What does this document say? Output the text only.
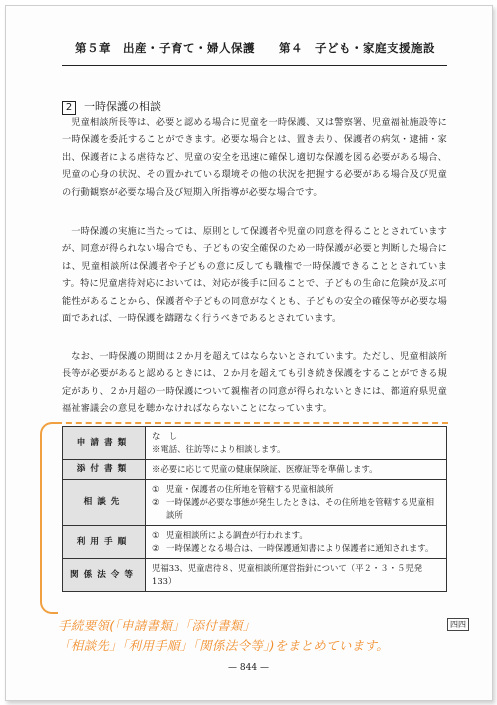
第５章　出産・子育て・婦人保護　　第４　子ども・家庭支援施設
2 一時保護の相談
児童相談所長等は、必要と認める場合に児童を一時保護、又は警察署、児童福祉施設等に一時保護を委託することができます。必要な場合とは、置き去り、保護者の病気・逮捕・家出、保護者による虐待など、児童の安全を迅速に確保し適切な保護を図る必要がある場合、児童の心身の状況、その置かれている環境その他の状況を把握する必要がある場合及び児童の行動観察が必要な場合及び短期入所指導が必要な場合です。
一時保護の実施に当たっては、原則として保護者や児童の同意を得ることとされていますが、同意が得られない場合でも、子どもの安全確保のため一時保護が必要と判断した場合には、児童相談所は保護者や子どもの意に反しても職権で一時保護できることとされています。特に児童虐待対応においては、対応が後手に回ることで、子どもの生命に危険が及ぶ可能性があることから、保護者や子どもの同意がなくとも、子どもの安全の確保等が必要な場面であれば、一時保護を躊躇なく行うべきであるとされています。
なお、一時保護の期間は２か月を超えてはならないとされています。ただし、児童相談所長等が必要があると認めるときには、２か月を超えても引き続き保護をすることができる規定があり、２か月超の一時保護について親権者の同意が得られないときには、都道府県児童福祉審議会の意見を聴かなければならないことになっています。
申請書類	な　し
※電話、往訪等により相談します。

添付書類	※必要に応じて児童の健康保険証、医療証等を準備します。

相談先	① 児童・保護者の住所地を管轄する児童相談所
② 一時保護が必要な事態が発生したときは、その住所地を管轄する児童相談所

利用手順	① 児童相談所による調査が行われます。
② 一時保護となる場合は、一時保護通知書により保護者に通知されます。

関係法令等	児福33、児童虐待８、児童相談所運営指針について（平２・３・５児発133）
手続要領(「申請書類」「添付書類」
「相談先」「利用手順」「関係法令等」)をまとめています。
四四
— 844 —
